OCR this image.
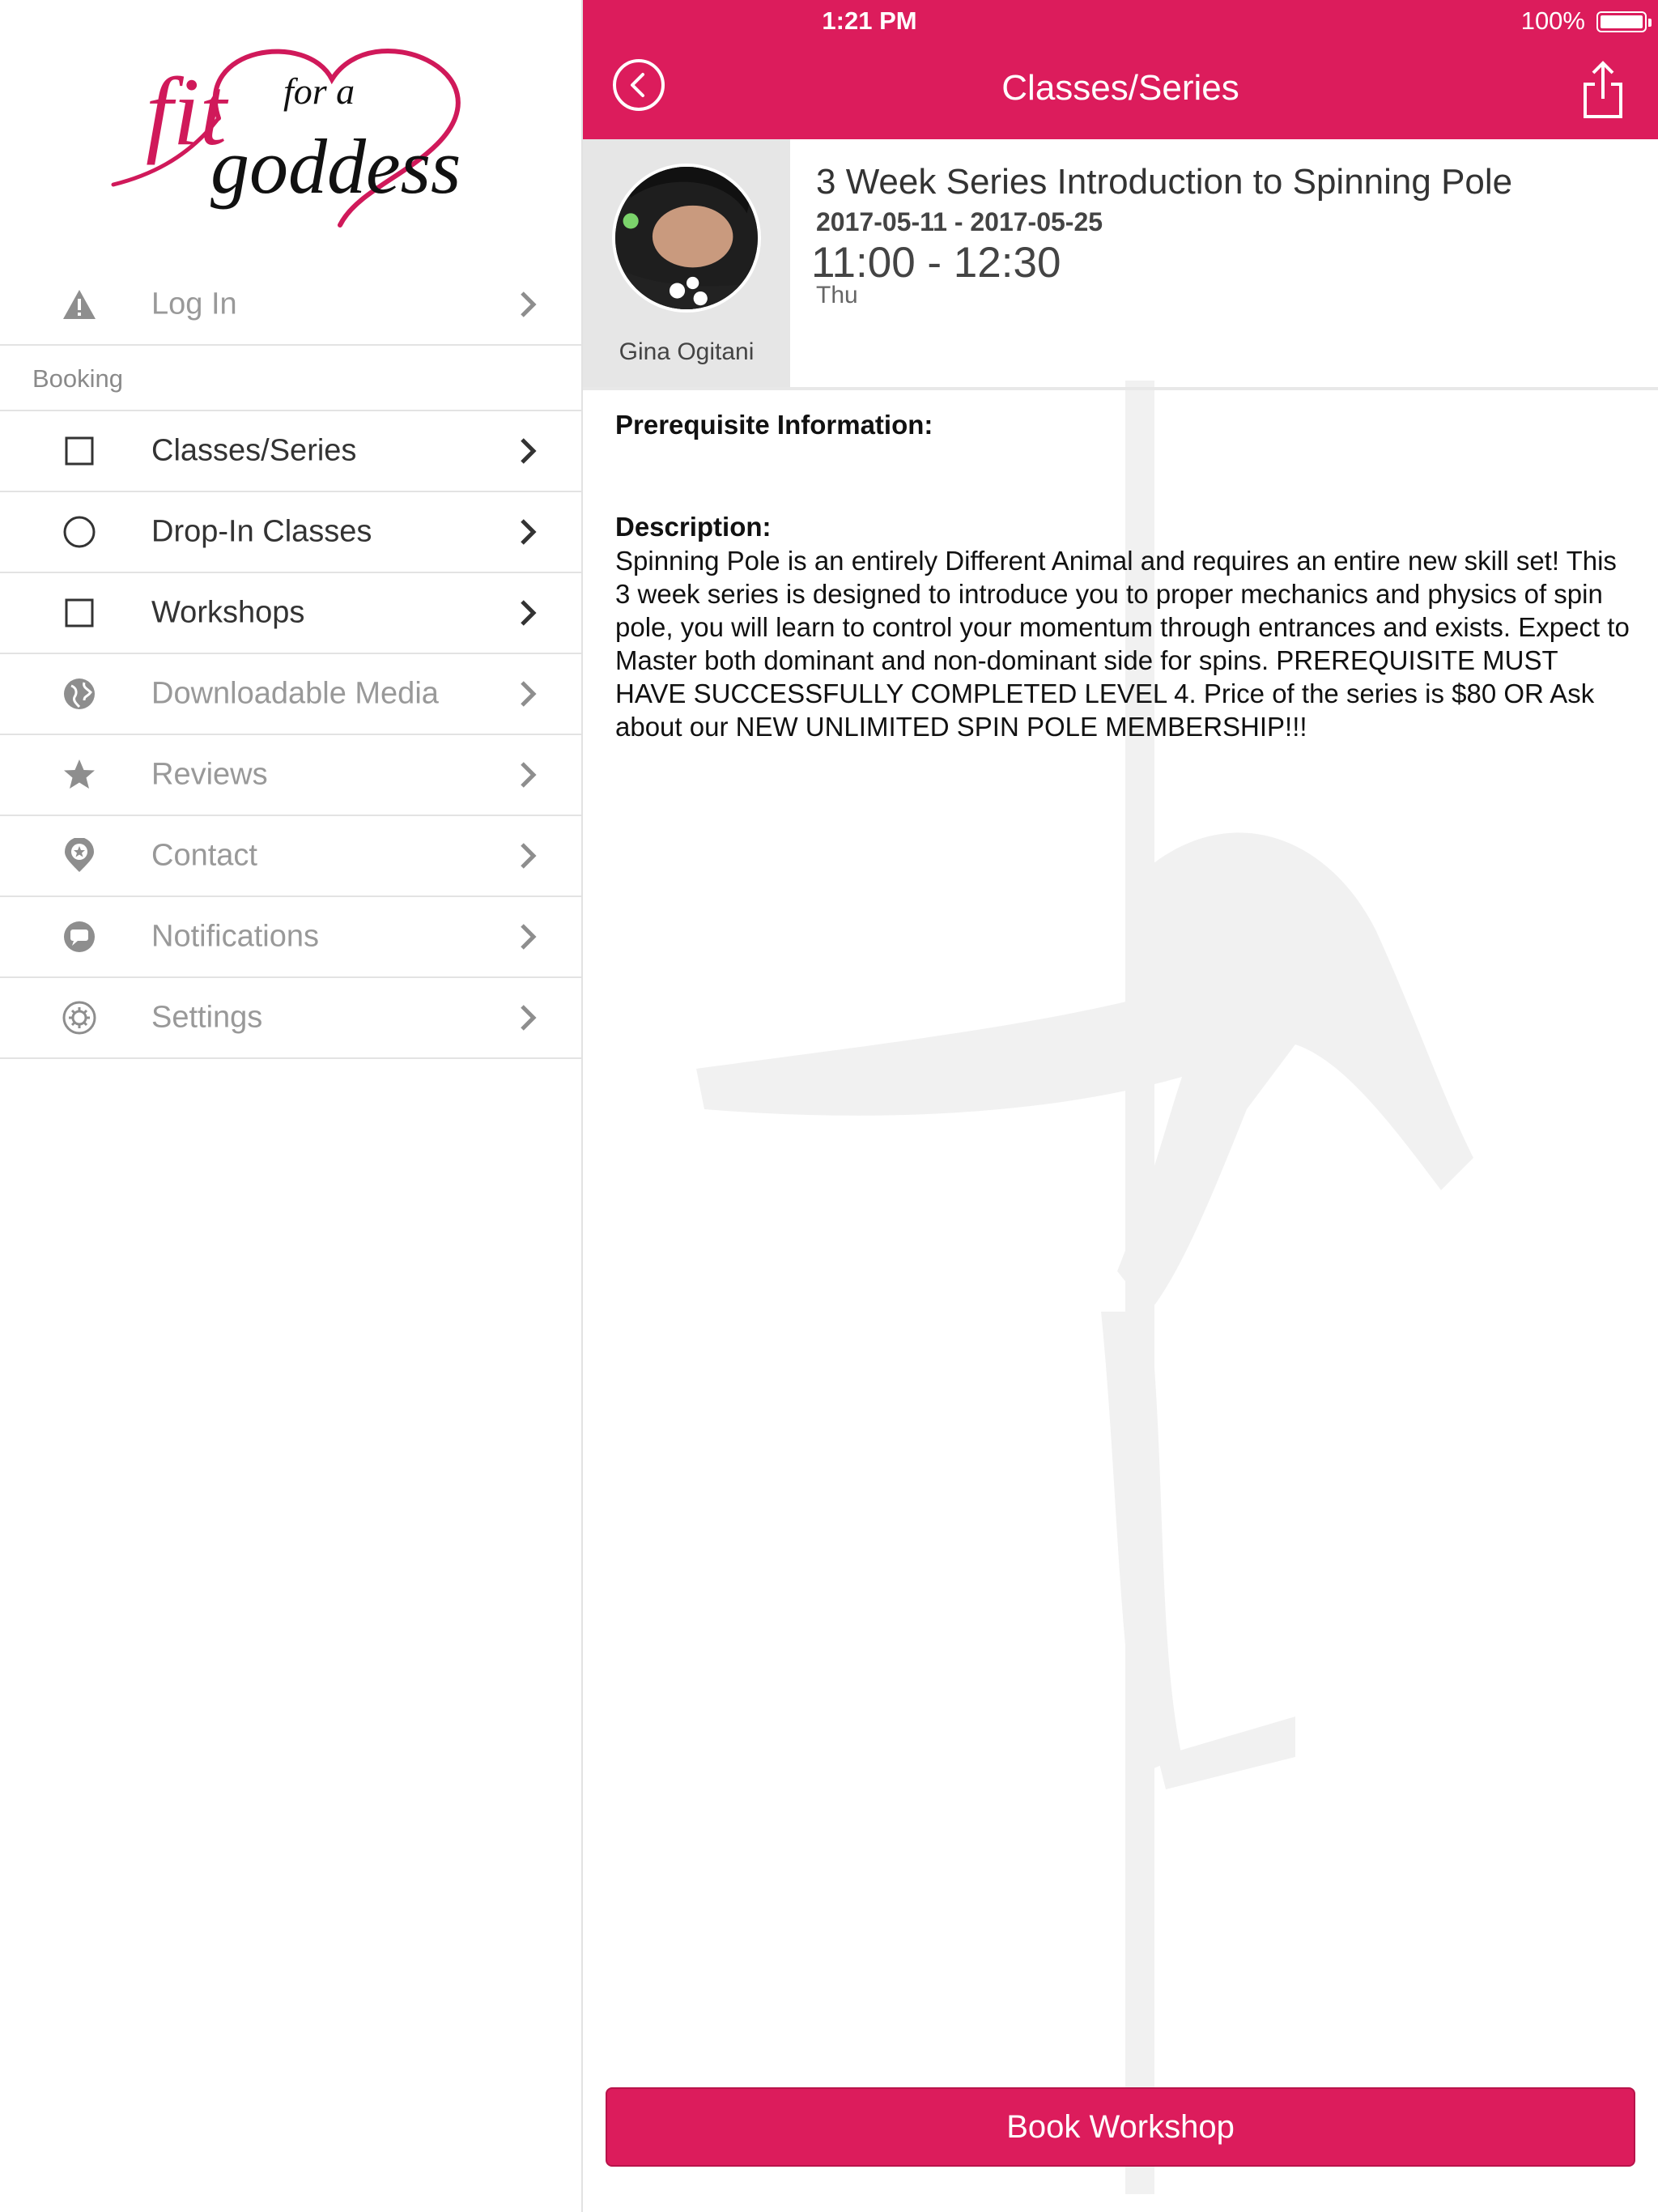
fit for a
goddess
Log In
Booking
Classes/Series
Drop-In Classes
Workshops
Downloadable Media
Reviews
Contact
Notifications
Settings
1:21 PM	100%
Classes/Series
Gina Ogitani
3 Week Series Introduction to Spinning Pole
2017-05-11 - 2017-05-25
11:00 - 12:30
Thu
Prerequisite Information:
Description:
Spinning Pole is an entirely Different Animal and requires an entire new skill set! This 3 week series is designed to introduce you to proper mechanics and physics of spin pole, you will learn to control your momentum through entrances and exists. Expect to Master both dominant and non-dominant side for spins. PREREQUISITE MUST HAVE SUCCESSFULLY COMPLETED LEVEL 4. Price of the series is $80 OR Ask about our NEW UNLIMITED SPIN POLE MEMBERSHIP!!!
Book Workshop
